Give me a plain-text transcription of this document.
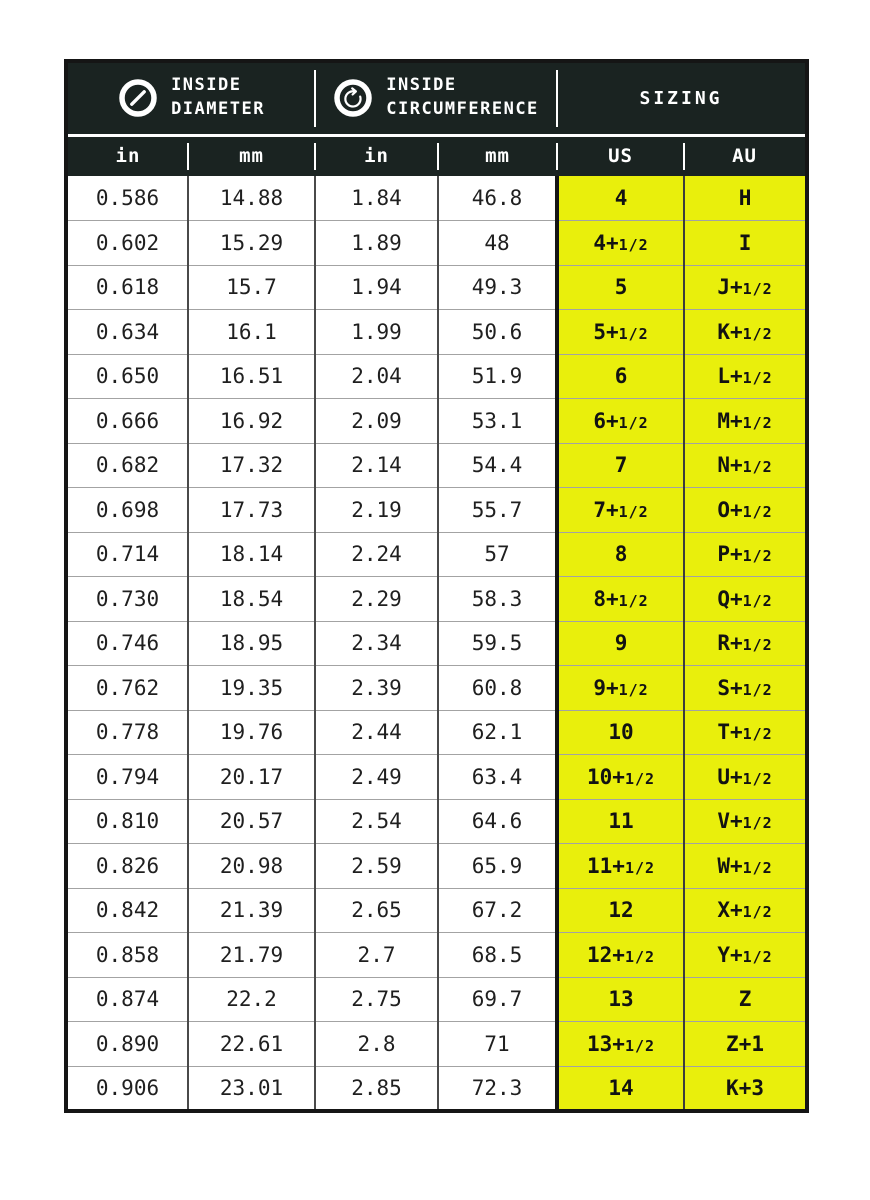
INSIDE
DIAMETER

INSIDE
CIRCUMFERENCE
	SIZING
in	mm	in	mm	US	AU
0.586	14.88	1.84	46.8	4	H
0.602	15.29	1.89	48	4+1/2	I
0.618	15.7	1.94	49.3	5	J+1/2
0.634	16.1	1.99	50.6	5+1/2	K+1/2
0.650	16.51	2.04	51.9	6	L+1/2
0.666	16.92	2.09	53.1	6+1/2	M+1/2
0.682	17.32	2.14	54.4	7	N+1/2
0.698	17.73	2.19	55.7	7+1/2	O+1/2
0.714	18.14	2.24	57	8	P+1/2
0.730	18.54	2.29	58.3	8+1/2	Q+1/2
0.746	18.95	2.34	59.5	9	R+1/2
0.762	19.35	2.39	60.8	9+1/2	S+1/2
0.778	19.76	2.44	62.1	10	T+1/2
0.794	20.17	2.49	63.4	10+1/2	U+1/2
0.810	20.57	2.54	64.6	11	V+1/2
0.826	20.98	2.59	65.9	11+1/2	W+1/2
0.842	21.39	2.65	67.2	12	X+1/2
0.858	21.79	2.7	68.5	12+1/2	Y+1/2
0.874	22.2	2.75	69.7	13	Z
0.890	22.61	2.8	71	13+1/2	Z+1
0.906	23.01	2.85	72.3	14	K+3
